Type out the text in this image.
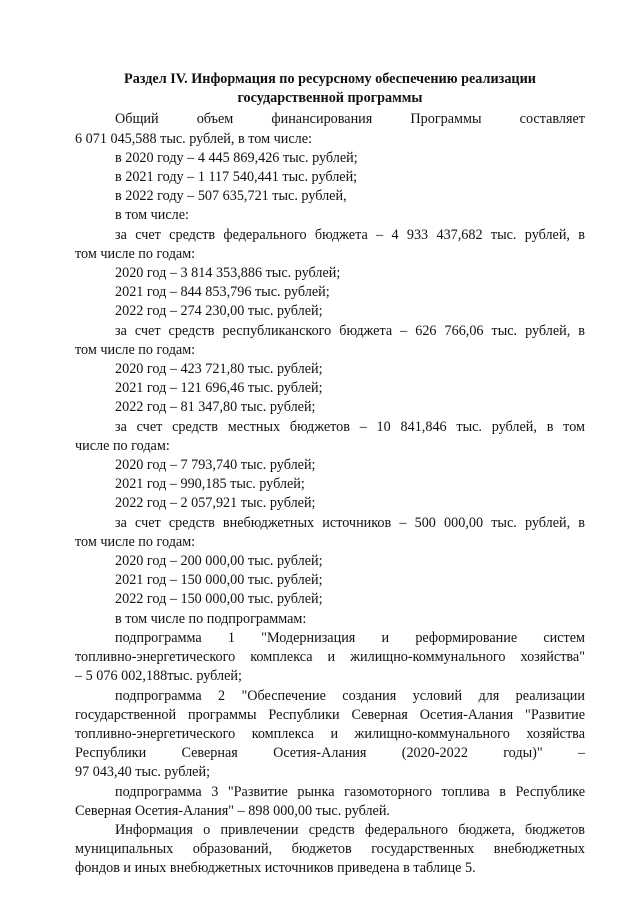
Раздел IV. Информация по ресурсному обеспечению реализации
государственной программы
Общий объем финансирования Программы составляет
6 071 045,588 тыс. рублей, в том числе:
в 2020 году – 4 445 869,426 тыс. рублей;
в 2021 году – 1 117 540,441 тыс. рублей;
в 2022 году – 507 635,721 тыс. рублей,
в том числе:
за счет средств федерального бюджета – 4 933 437,682 тыс. рублей, в
том числе по годам:
2020 год – 3 814 353,886 тыс. рублей;
2021 год – 844 853,796 тыс. рублей;
2022 год – 274 230,00 тыс. рублей;
за счет средств республиканского бюджета – 626 766,06 тыс. рублей, в
том числе по годам:
2020 год – 423 721,80 тыс. рублей;
2021 год – 121 696,46 тыс. рублей;
2022 год – 81 347,80 тыс. рублей;
за счет средств местных бюджетов – 10 841,846 тыс. рублей, в том
числе по годам:
2020 год – 7 793,740 тыс. рублей;
2021 год – 990,185 тыс. рублей;
2022 год – 2 057,921 тыс. рублей;
за счет средств внебюджетных источников – 500 000,00 тыс. рублей, в
том числе по годам:
2020 год – 200 000,00 тыс. рублей;
2021 год – 150 000,00 тыс. рублей;
2022 год – 150 000,00 тыс. рублей;
в том числе по подпрограммам:
подпрограмма 1 "Модернизация и реформирование систем
топливно-энергетического комплекса и жилищно-коммунального хозяйства"
– 5 076 002,188тыс. рублей;
подпрограмма 2 "Обеспечение создания условий для реализации
государственной программы Республики Северная Осетия-Алания "Развитие
топливно-энергетического комплекса и жилищно-коммунального хозяйства
Республики Северная Осетия-Алания (2020-2022 годы)" –
97 043,40 тыс. рублей;
подпрограмма 3 "Развитие рынка газомоторного топлива в Республике
Северная Осетия-Алания" – 898 000,00 тыс. рублей.
Информация о привлечении средств федерального бюджета, бюджетов
муниципальных образований, бюджетов государственных внебюджетных
фондов и иных внебюджетных источников приведена в таблице 5.
